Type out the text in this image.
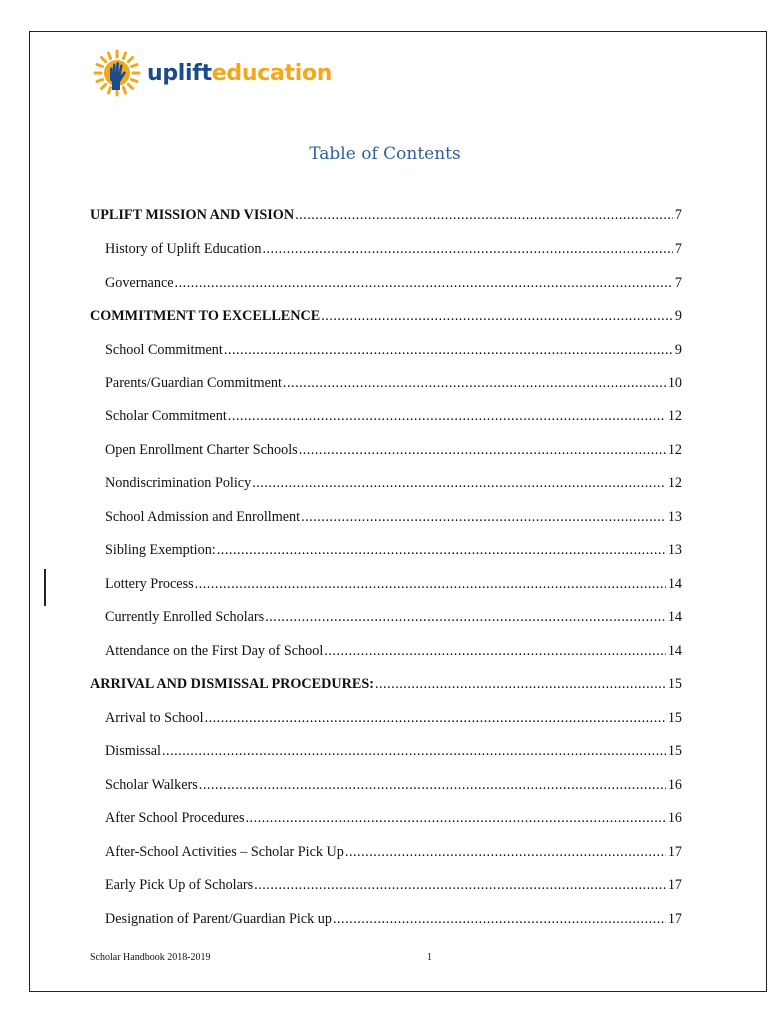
uplifteducation
Table of Contents
UPLIFT MISSION AND VISION .....	7
History of Uplift Education .....	7
Governance .....	7
COMMITMENT TO EXCELLENCE .....	9
School Commitment .....	9
Parents/Guardian Commitment .....	10
Scholar Commitment .....	12
Open Enrollment Charter Schools .....	12
Nondiscrimination Policy .....	12
School Admission and Enrollment .....	13
Sibling Exemption: .....	13
Lottery Process .....	14
Currently Enrolled Scholars .....	14
Attendance on the First Day of School .....	14
ARRIVAL AND DISMISSAL PROCEDURES: .....	15
Arrival to School .....	15
Dismissal .....	15
Scholar Walkers .....	16
After School Procedures .....	16
After-School Activities – Scholar Pick Up .....	17
Early Pick Up of Scholars .....	17
Designation of Parent/Guardian Pick up .....	17
Scholar Handbook 2018-2019	1
